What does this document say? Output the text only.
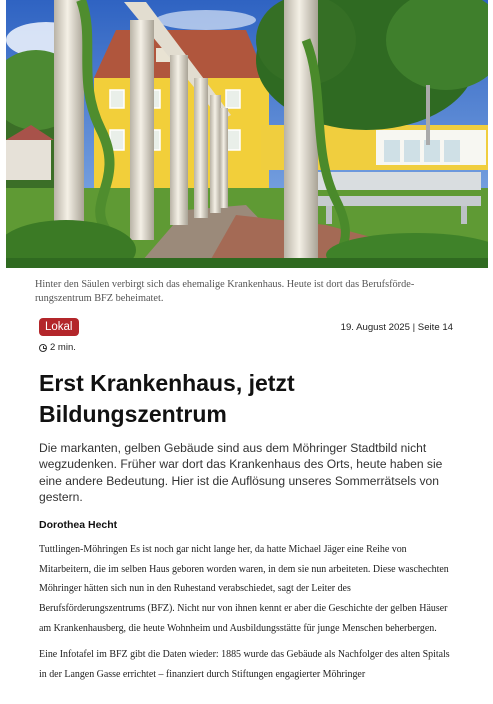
Hinter den Säulen verbirgt sich das ehemalige Krankenhaus. Heute ist dort das Berufsförde- rungszentrum BFZ beheimatet.
Lokal	19. August 2025 | Seite 14
2 min.
Erst Krankenhaus, jetzt Bildungszentrum
Die markanten, gelben Gebäude sind aus dem Möhringer Stadtbild nicht wegzudenken. Früher war dort das Krankenhaus des Orts, heute haben sie eine andere Bedeutung. Hier ist die Auflösung unseres Sommerrätsels von gestern.
Dorothea Hecht

Tuttlingen-Möhringen Es ist noch gar nicht lange her, da hatte Michael Jäger eine Reihe von Mitarbeitern, die im selben Haus geboren worden waren, in dem sie nun arbeiteten. Diese waschechten Möhringer hätten sich nun in den Ruhestand verabschiedet, sagt der Leiter des Berufsförderungszentrums (BFZ). Nicht nur von ihnen kennt er aber die Geschichte der gelben Häuser am Krankenhausberg, die heute Wohnheim und Ausbildungsstätte für junge Menschen beherbergen.

Eine Infotafel im BFZ gibt die Daten wieder: 1885 wurde das Gebäude als Nachfolger des alten Spitals in der Langen Gasse errichtet – finanziert durch Stiftungen engagierter Möhringer
